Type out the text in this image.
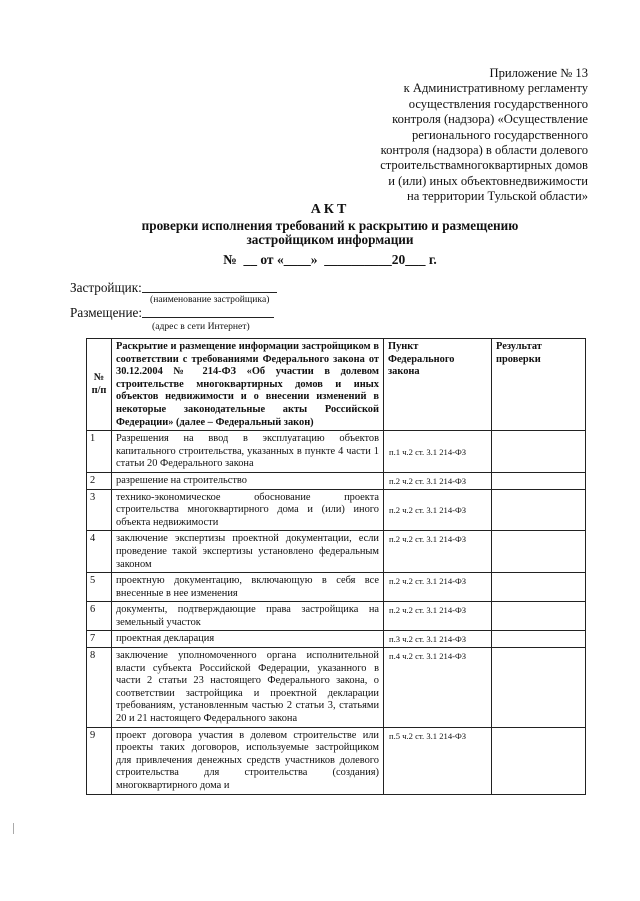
Приложение № 13
к Административному регламенту
осуществления государственного
контроля (надзора) «Осуществление
регионального государственного
контроля (надзора) в области долевого
строительствамногоквартирных домов
и (или) иных объектовнедвижимости
на территории Тульской области»
АКТ
проверки исполнения требований к раскрытию и размещению
застройщиком информации
№  __ от «____»  __________20___ г.
Застройщик:
(наименование застройщика)
Размещение:
(адрес в сети Интернет)
№ п/п	Раскрытие и размещение информации застройщиком в соответствии с требованиями Федерального закона от 30.12.2004 № 214-ФЗ «Об участии в долевом строительстве многоквартирных домов и иных объектов недвижимости и о внесении изменений в некоторые законодательные акты Российской Федерации» (далее – Федеральный закон)	Пункт Федерального закона	Результат проверки
1	Разрешения на ввод в эксплуатацию объектов капитального строительства, указанных в пункте 4 части 1 статьи 20 Федерального закона	п.1 ч.2 ст. 3.1 214-ФЗ	
2	разрешение на строительство	п.2 ч.2 ст. 3.1 214-ФЗ	
3	технико-экономическое обоснование проекта строительства многоквартирного дома и (или) иного объекта недвижимости	п.2 ч.2 ст. 3.1 214-ФЗ	
4	заключение экспертизы проектной документации, если проведение такой экспертизы установлено федеральным законом	п.2 ч.2 ст. 3.1 214-ФЗ	
5	проектную документацию, включающую в себя все внесенные в нее изменения	п.2 ч.2 ст. 3.1 214-ФЗ	
6	документы, подтверждающие права застройщика на земельный участок	п.2 ч.2 ст. 3.1 214-ФЗ	
7	проектная декларация	п.3 ч.2 ст. 3.1 214-ФЗ	
8	заключение уполномоченного органа исполнительной власти субъекта Российской Федерации, указанного в части 2 статьи 23 настоящего Федерального закона, о соответствии застройщика и проектной декларации требованиям, установленным частью 2 статьи 3, статьями 20 и 21 настоящего Федерального закона	п.4 ч.2 ст. 3.1 214-ФЗ	
9	проект договора участия в долевом строительстве или проекты таких договоров, используемые застройщиком для привлечения денежных средств участников долевого строительства для строительства (создания) многоквартирного дома и	п.5 ч.2 ст. 3.1 214-ФЗ	
